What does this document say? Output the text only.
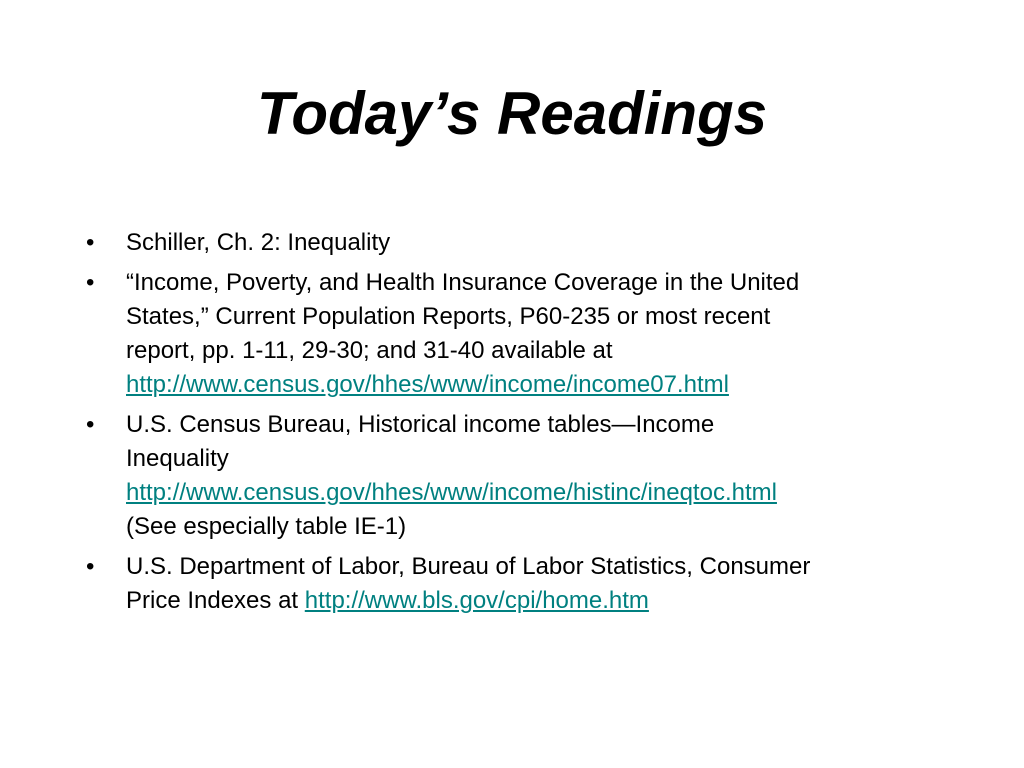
Today’s Readings
• Schiller, Ch. 2: Inequality
• “Income, Poverty, and Health Insurance Coverage in the United
States,” Current Population Reports, P60-235 or most recent
report, pp. 1-11, 29-30; and 31-40 available at
http://www.census.gov/hhes/www/income/income07.html
• U.S. Census Bureau, Historical income tables—Income
Inequality
http://www.census.gov/hhes/www/income/histinc/ineqtoc.html
(See especially table IE-1)
• U.S. Department of Labor, Bureau of Labor Statistics, Consumer
Price Indexes at http://www.bls.gov/cpi/home.htm
